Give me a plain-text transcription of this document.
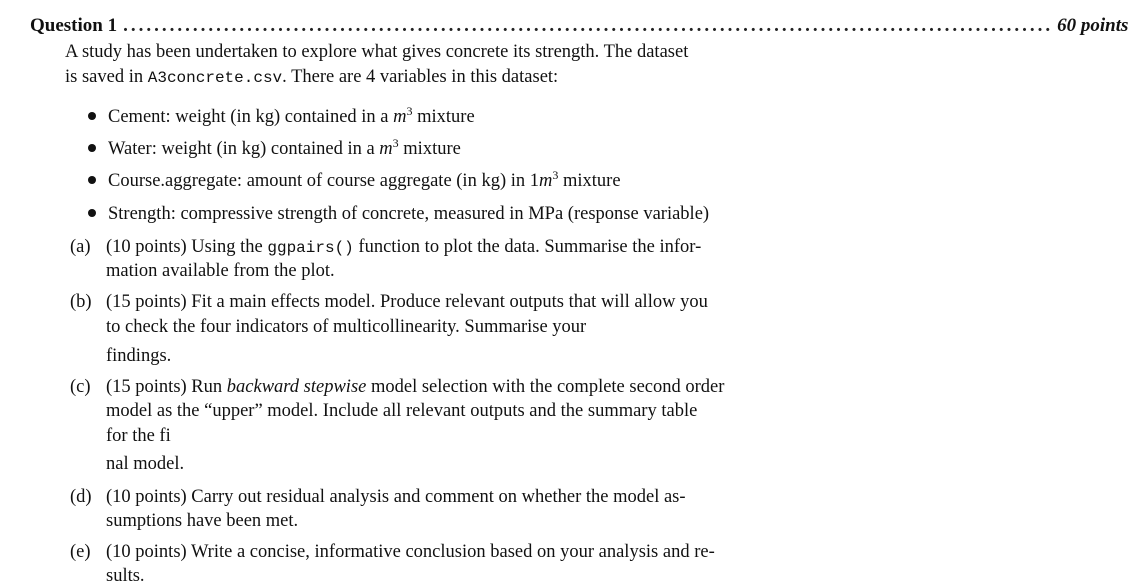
Question 1 ........................................................................................................................ 60 points
A study has been undertaken to explore what gives concrete its strength. The dataset
is saved in A3concrete.csv. There are 4 variables in this dataset:
Cement: weight (in kg) contained in a $m^3$ mixture
Water: weight (in kg) contained in a $m^3$ mixture
Course.aggregate: amount of course aggregate (in kg) in $1m^3$ mixture
Strength: compressive strength of concrete, measured in MPa (response variable)
(a) (10 points) Using the ggpairs() function to plot the data. Summarise the infor-
mation available from the plot.
(b) (15 points) Fit a main effects model. Produce relevant outputs that will allow you
to check the four indicators of multicollinearity. Summarise your
findings.
(c) (15 points) Run backward stepwise model selection with the complete second order
model as the “upper” model. Include all relevant outputs and the summary table
for the fi
nal model.
(d) (10 points) Carry out residual analysis and comment on whether the model as-
sumptions have been met.
(e) (10 points) Write a concise, informative conclusion based on your analysis and re-
sults.
